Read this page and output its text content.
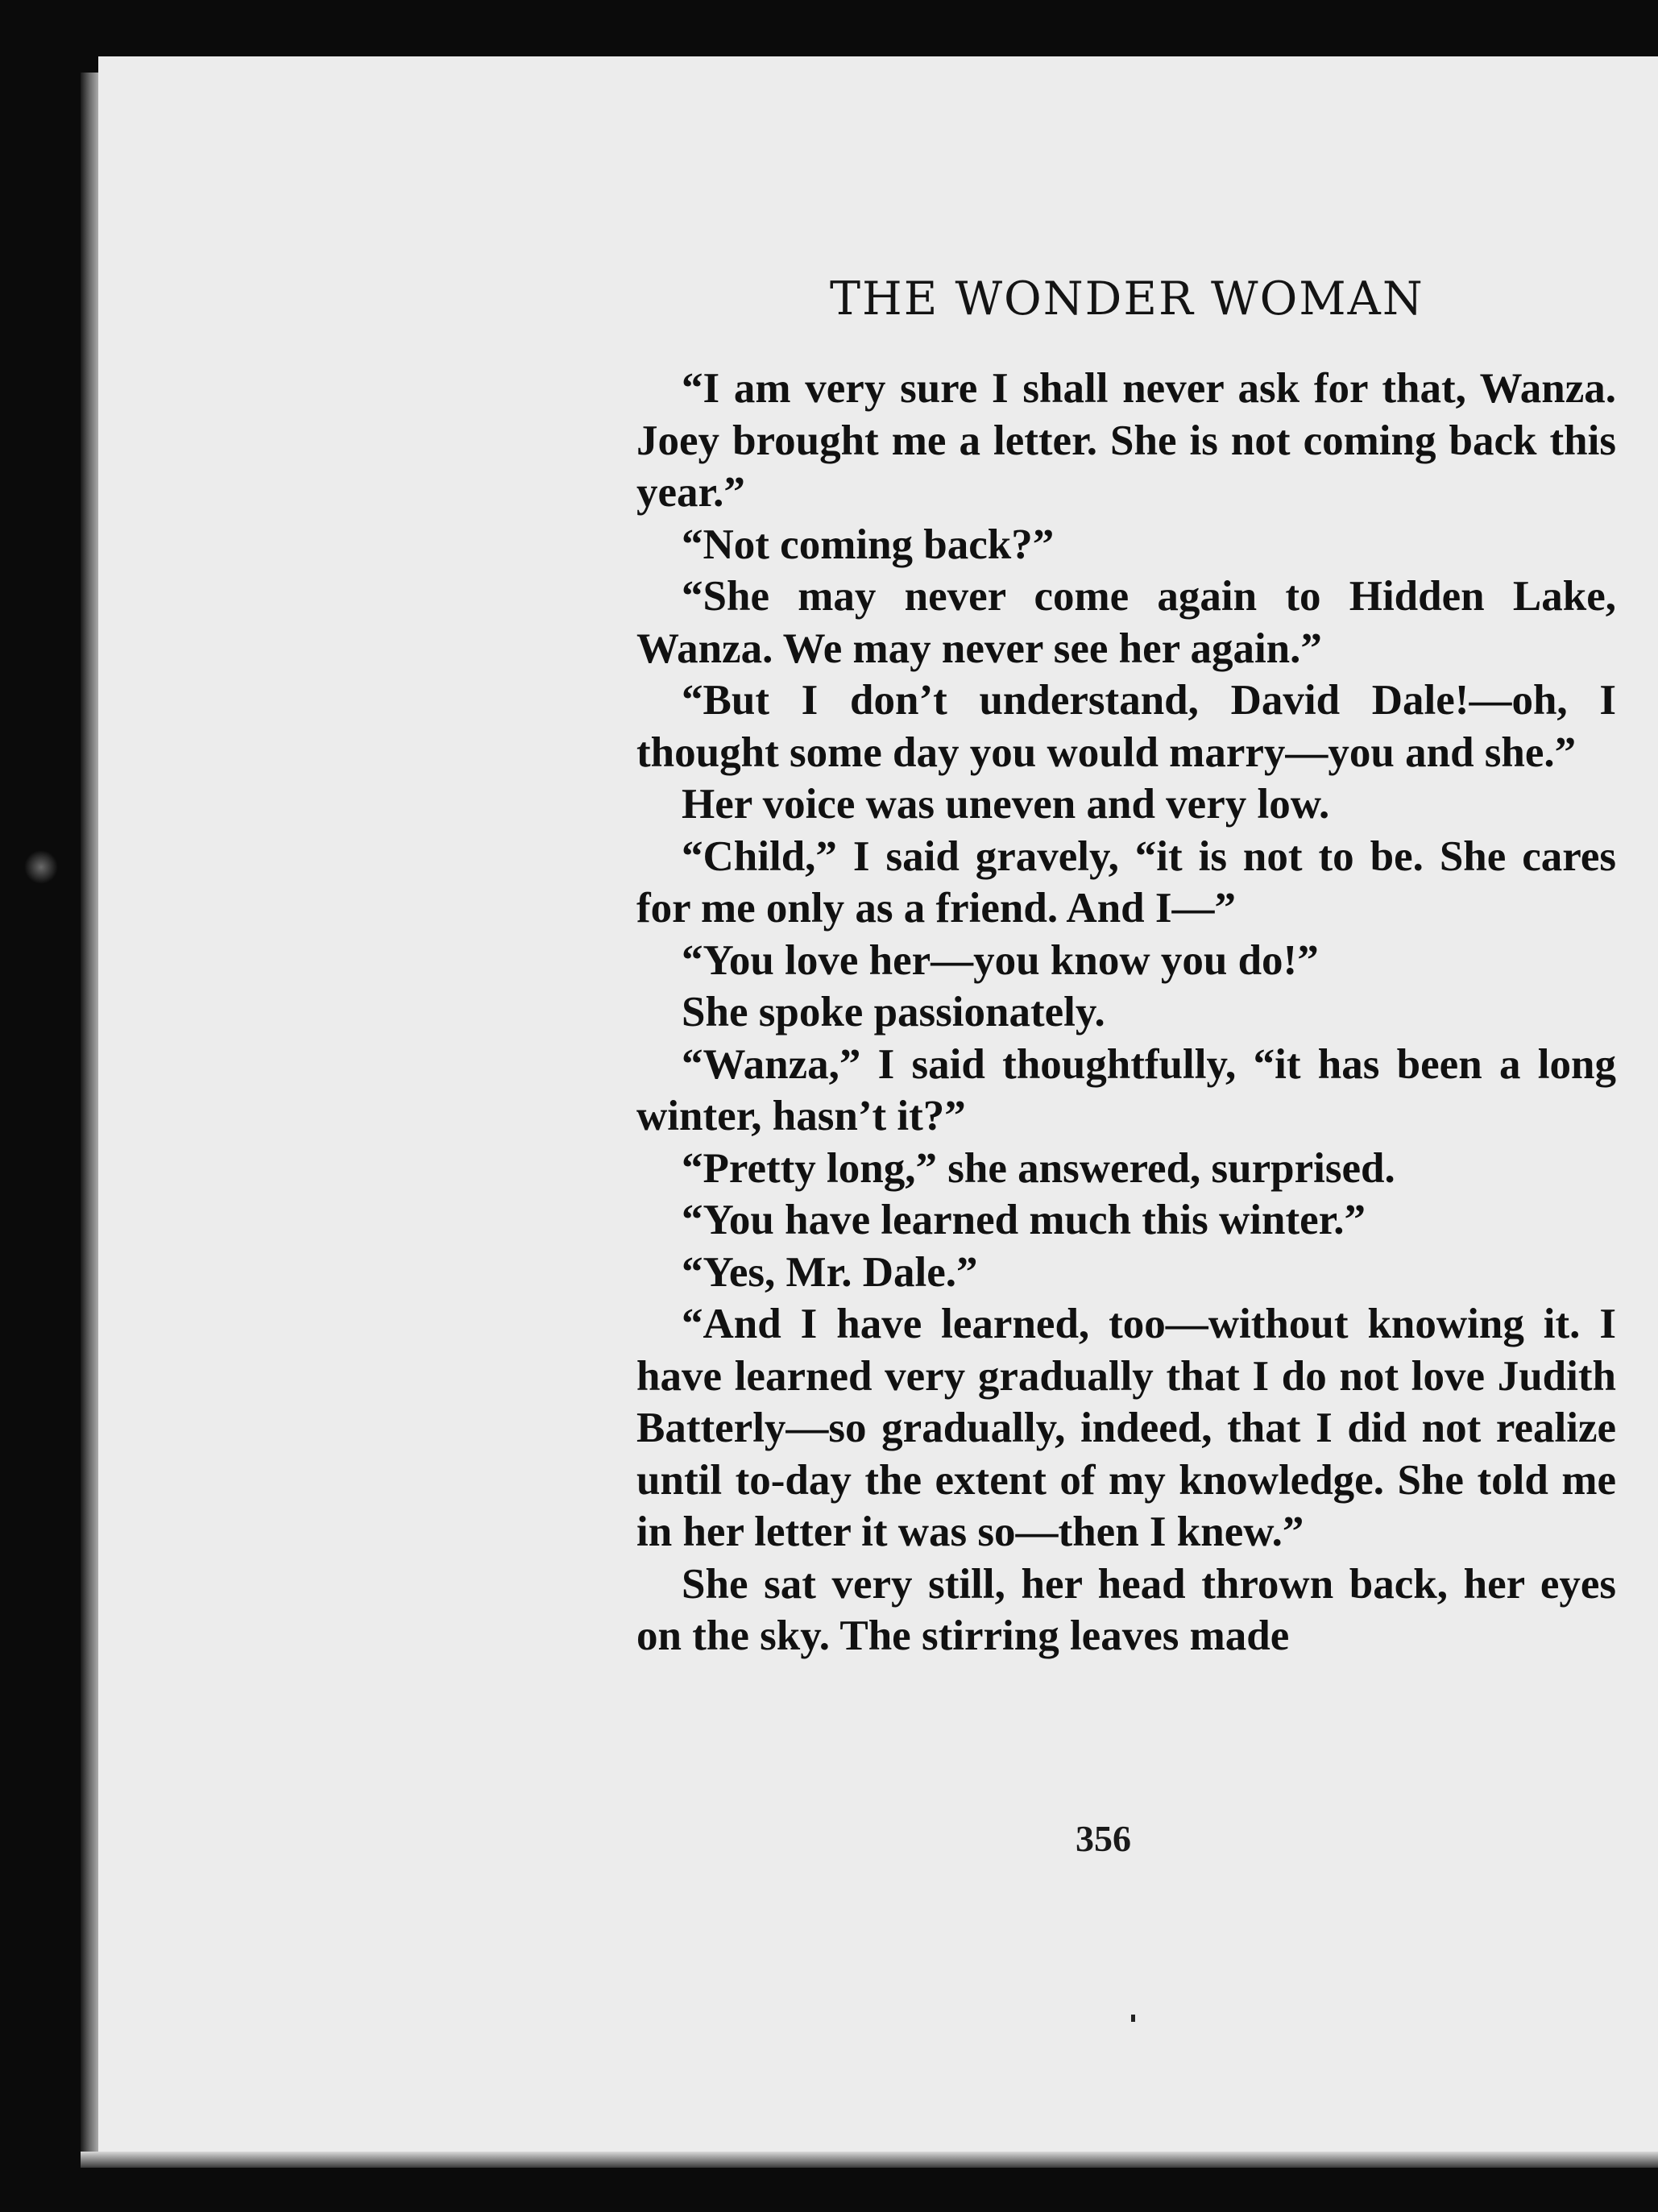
THE WONDER WOMAN

“I am very sure I shall never ask for that, Wanza. Joey brought me a letter. She is not coming back this year.”

“Not coming back?”

“She may never come again to Hidden Lake, Wanza. We may never see her again.”

“But I don’t understand, David Dale!—oh, I thought some day you would marry—you and she.”

Her voice was uneven and very low.

“Child,” I said gravely, “it is not to be. She cares for me only as a friend. And I—”

“You love her—you know you do!”

She spoke passionately.

“Wanza,” I said thoughtfully, “it has been a long winter, hasn’t it?”

“Pretty long,” she answered, surprised.

“You have learned much this winter.”

“Yes, Mr. Dale.”

“And I have learned, too—without knowing it. I have learned very gradually that I do not love Judith Batterly—so gradually, indeed, that I did not realize until to-day the extent of my knowledge. She told me in her letter it was so—then I knew.”

She sat very still, her head thrown back, her eyes on the sky. The stirring leaves made

356
